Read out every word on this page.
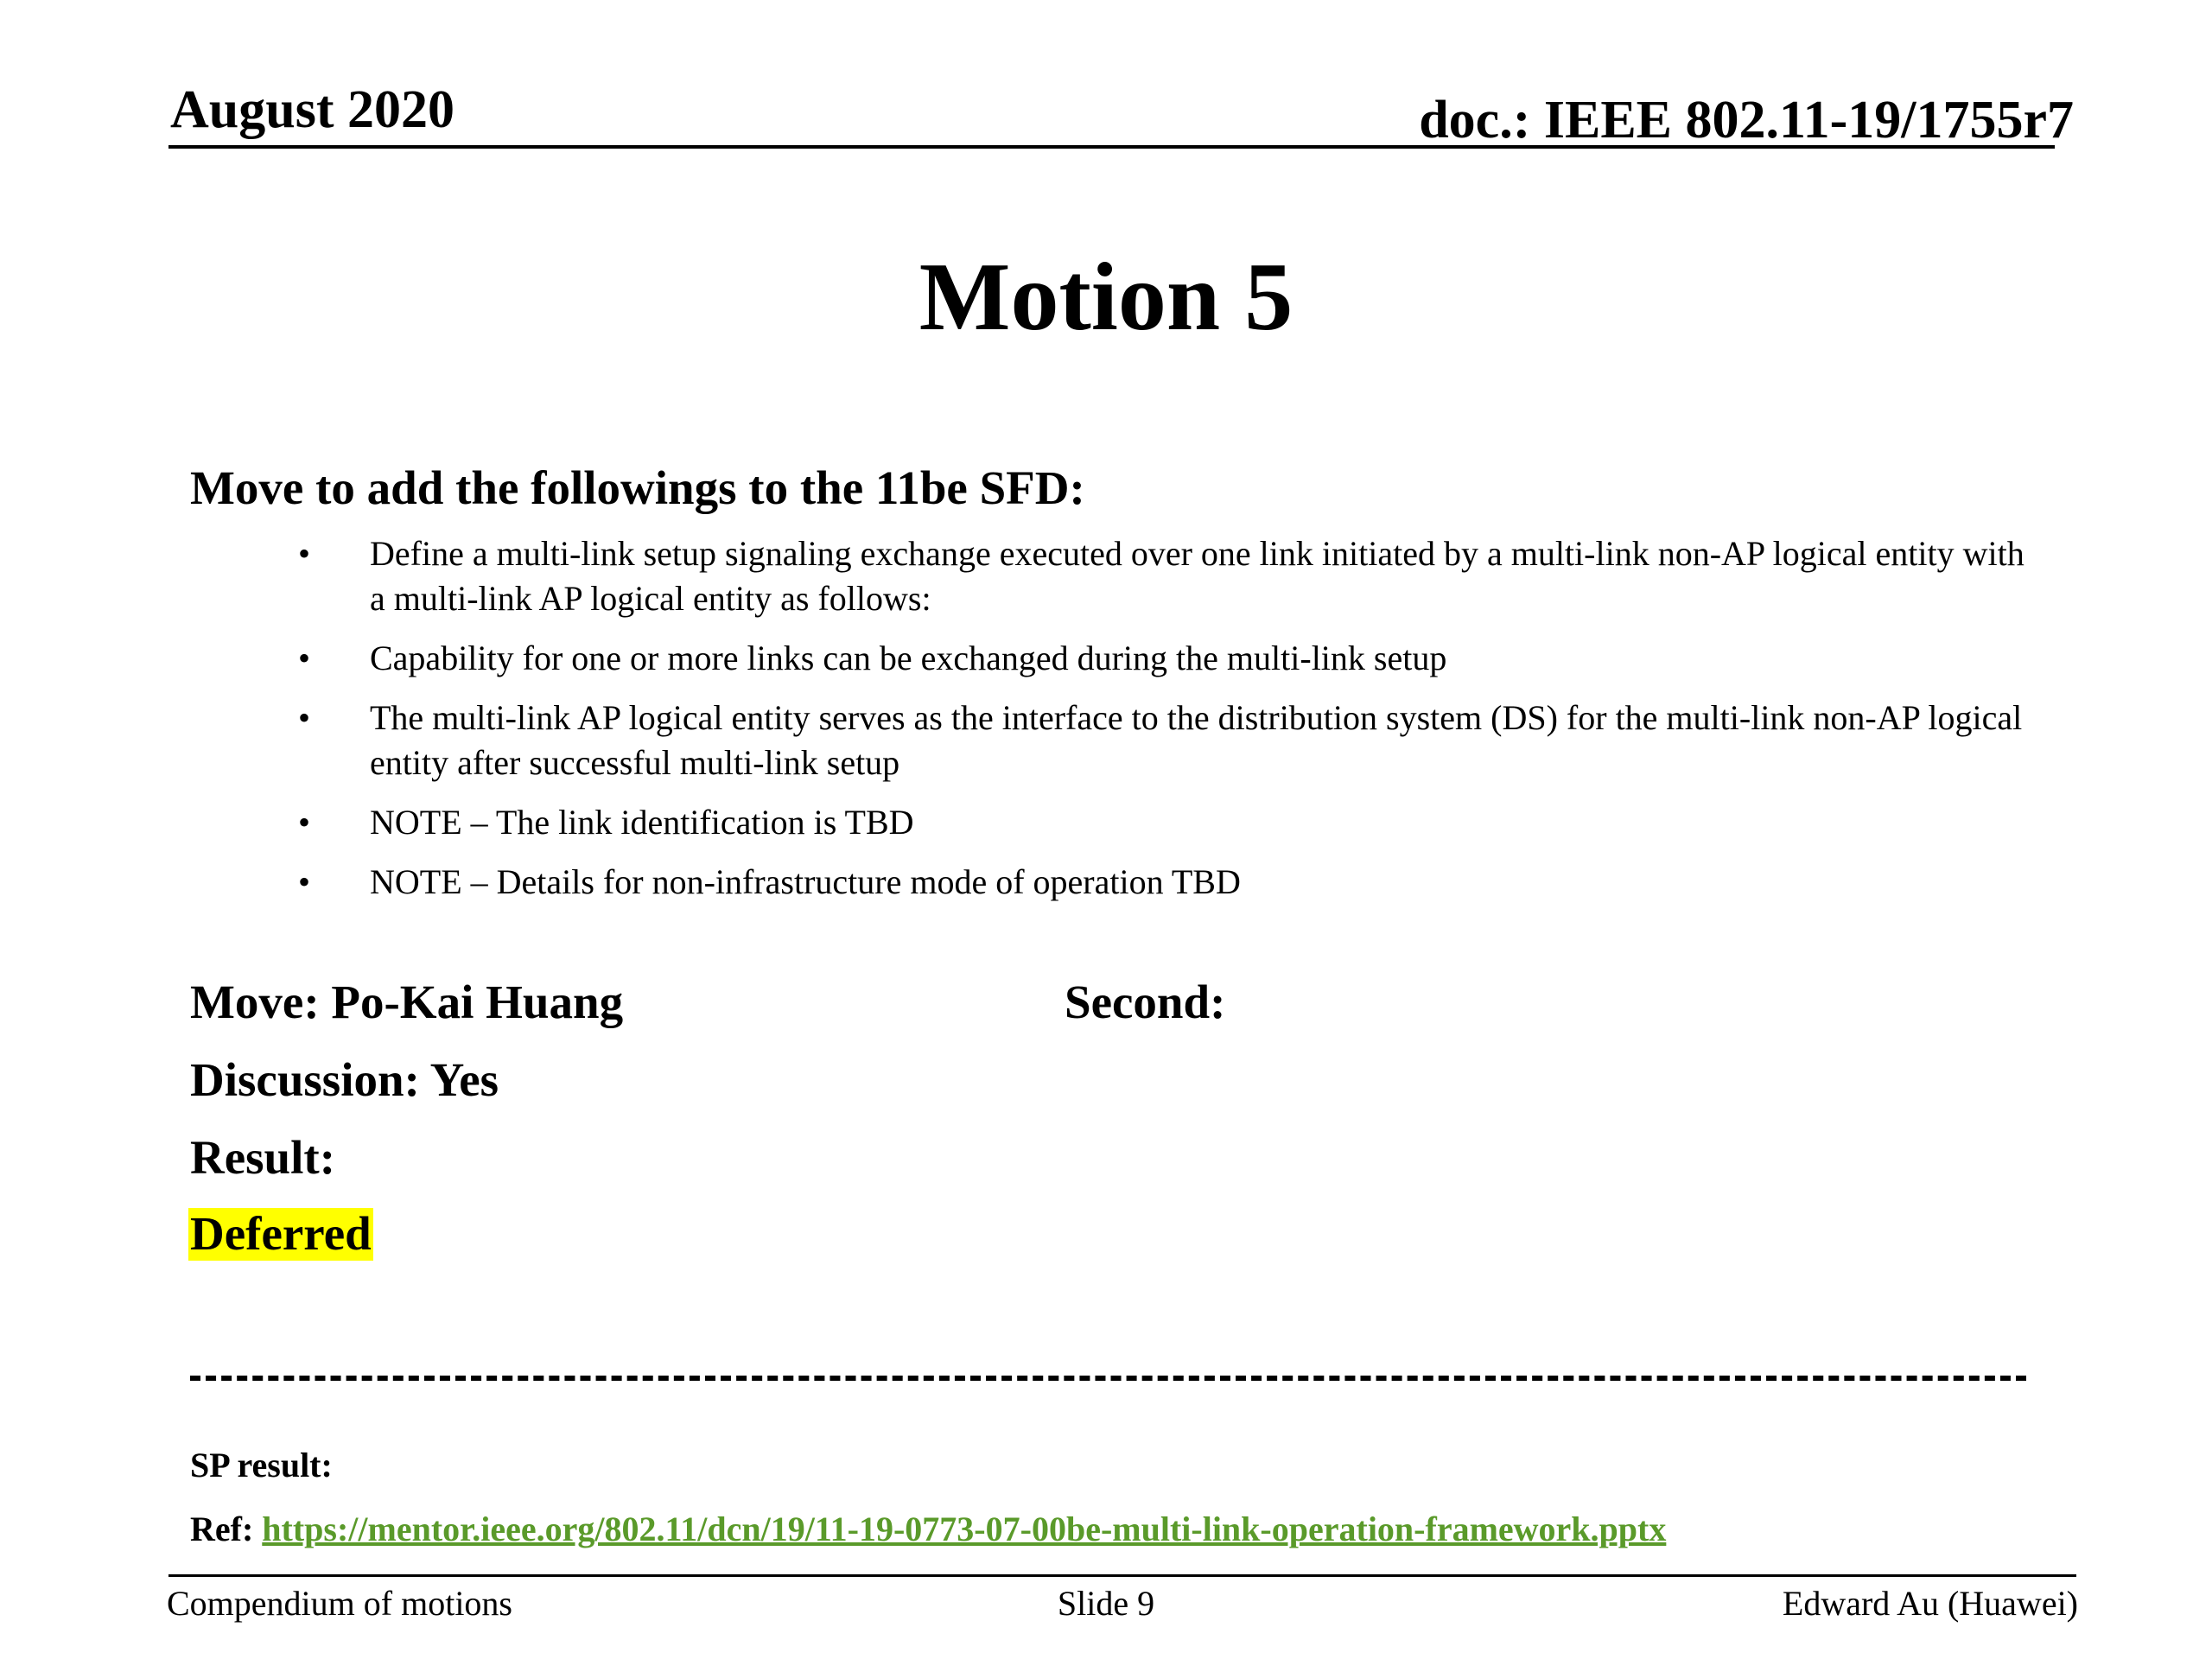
August 2020	doc.: IEEE 802.11-19/1755r7
Motion 5
Move to add the followings to the 11be SFD:
• Define a multi-link setup signaling exchange executed over one link initiated by a multi-link non-AP logical entity with a multi-link AP logical entity as follows:
• Capability for one or more links can be exchanged during the multi-link setup
• The multi-link AP logical entity serves as the interface to the distribution system (DS) for the multi-link non-AP logical entity after successful multi-link setup
• NOTE – The link identification is TBD
• NOTE – Details for non-infrastructure mode of operation TBD
Move: Po-Kai Huang	Second:
Discussion: Yes
Result:
Deferred
SP result:
Ref: https://mentor.ieee.org/802.11/dcn/19/11-19-0773-07-00be-multi-link-operation-framework.pptx
Compendium of motions	Slide 9	Edward Au (Huawei)
